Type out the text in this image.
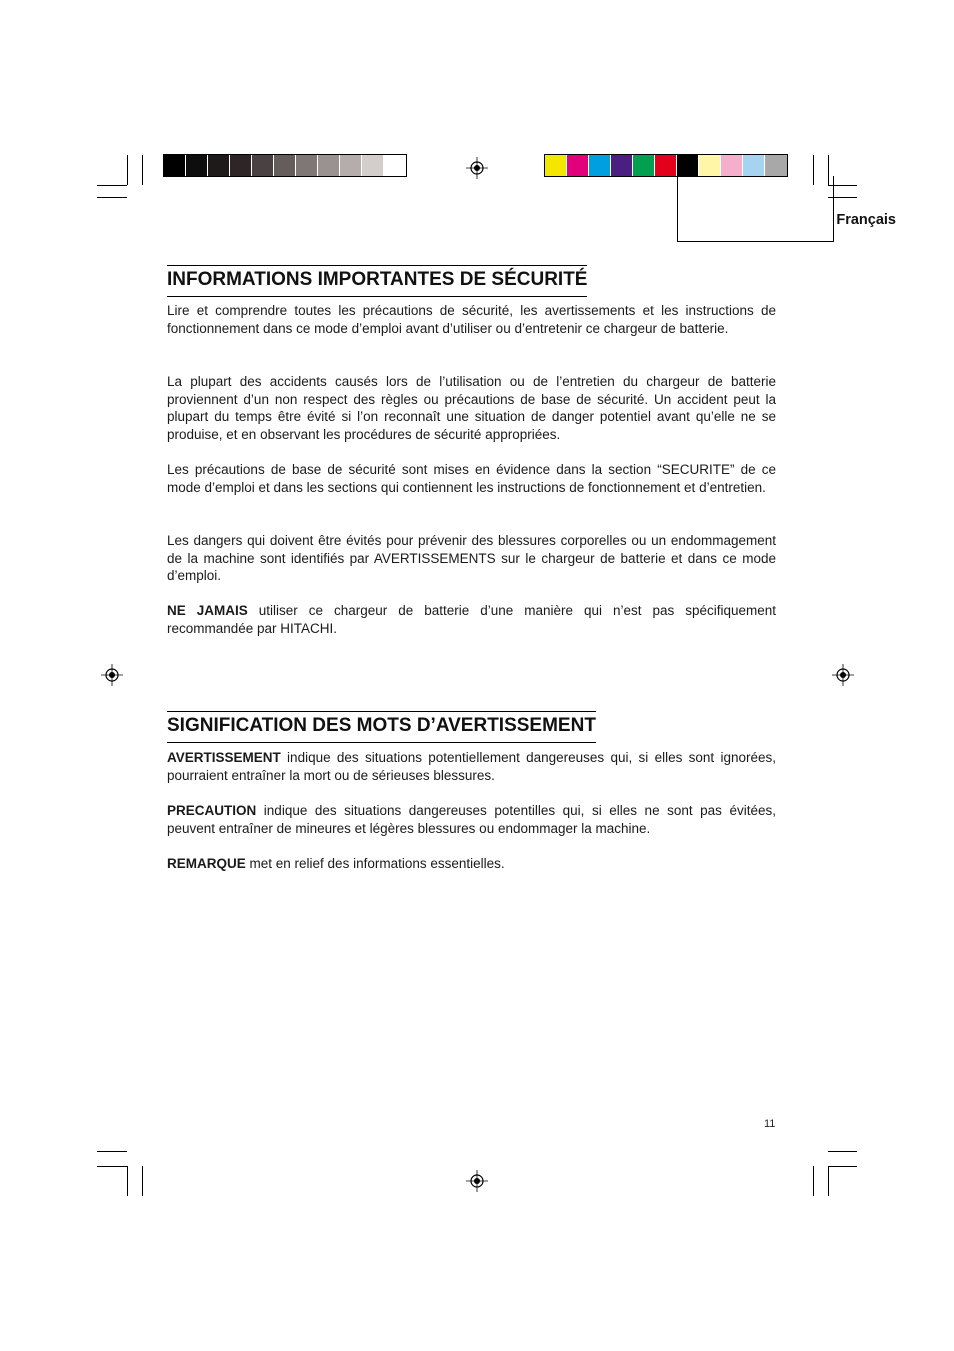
Français
INFORMATIONS IMPORTANTES DE SÉCURITÉ
Lire et comprendre toutes les précautions de sécurité, les avertissements et les instructions de fonctionnement dans ce mode d’emploi avant d’utiliser ou d’entretenir ce chargeur de batterie.
La plupart des accidents causés lors de l’utilisation ou de l’entretien du chargeur de batterie proviennent d’un non respect des règles ou précautions de base de sécurité. Un accident peut la plupart du temps être évité si l’on reconnaît une situation de danger potentiel avant qu’elle ne se produise, et en observant les procédures de sécurité appropriées.
Les précautions de base de sécurité sont mises en évidence dans la section “SECURITE” de ce mode d’emploi et dans les sections qui contiennent les instructions de fonctionnement et d’entretien.
Les dangers qui doivent être évités pour prévenir des blessures corporelles ou un endommagement de la machine sont identifiés par AVERTISSEMENTS sur le chargeur de batterie et dans ce mode d’emploi.
NE JAMAIS utiliser ce chargeur de batterie d’une manière qui n’est pas spécifiquement recommandée par HITACHI.
SIGNIFICATION DES MOTS D’AVERTISSEMENT
AVERTISSEMENT indique des situations potentiellement dangereuses qui, si elles sont ignorées, pourraient entraîner la mort ou de sérieuses blessures.
PRECAUTION indique des situations dangereuses potentilles qui, si elles ne sont pas évitées, peuvent entraîner de mineures et légères blessures ou endommager la machine.
REMARQUE met en relief des informations essentielles.
11
